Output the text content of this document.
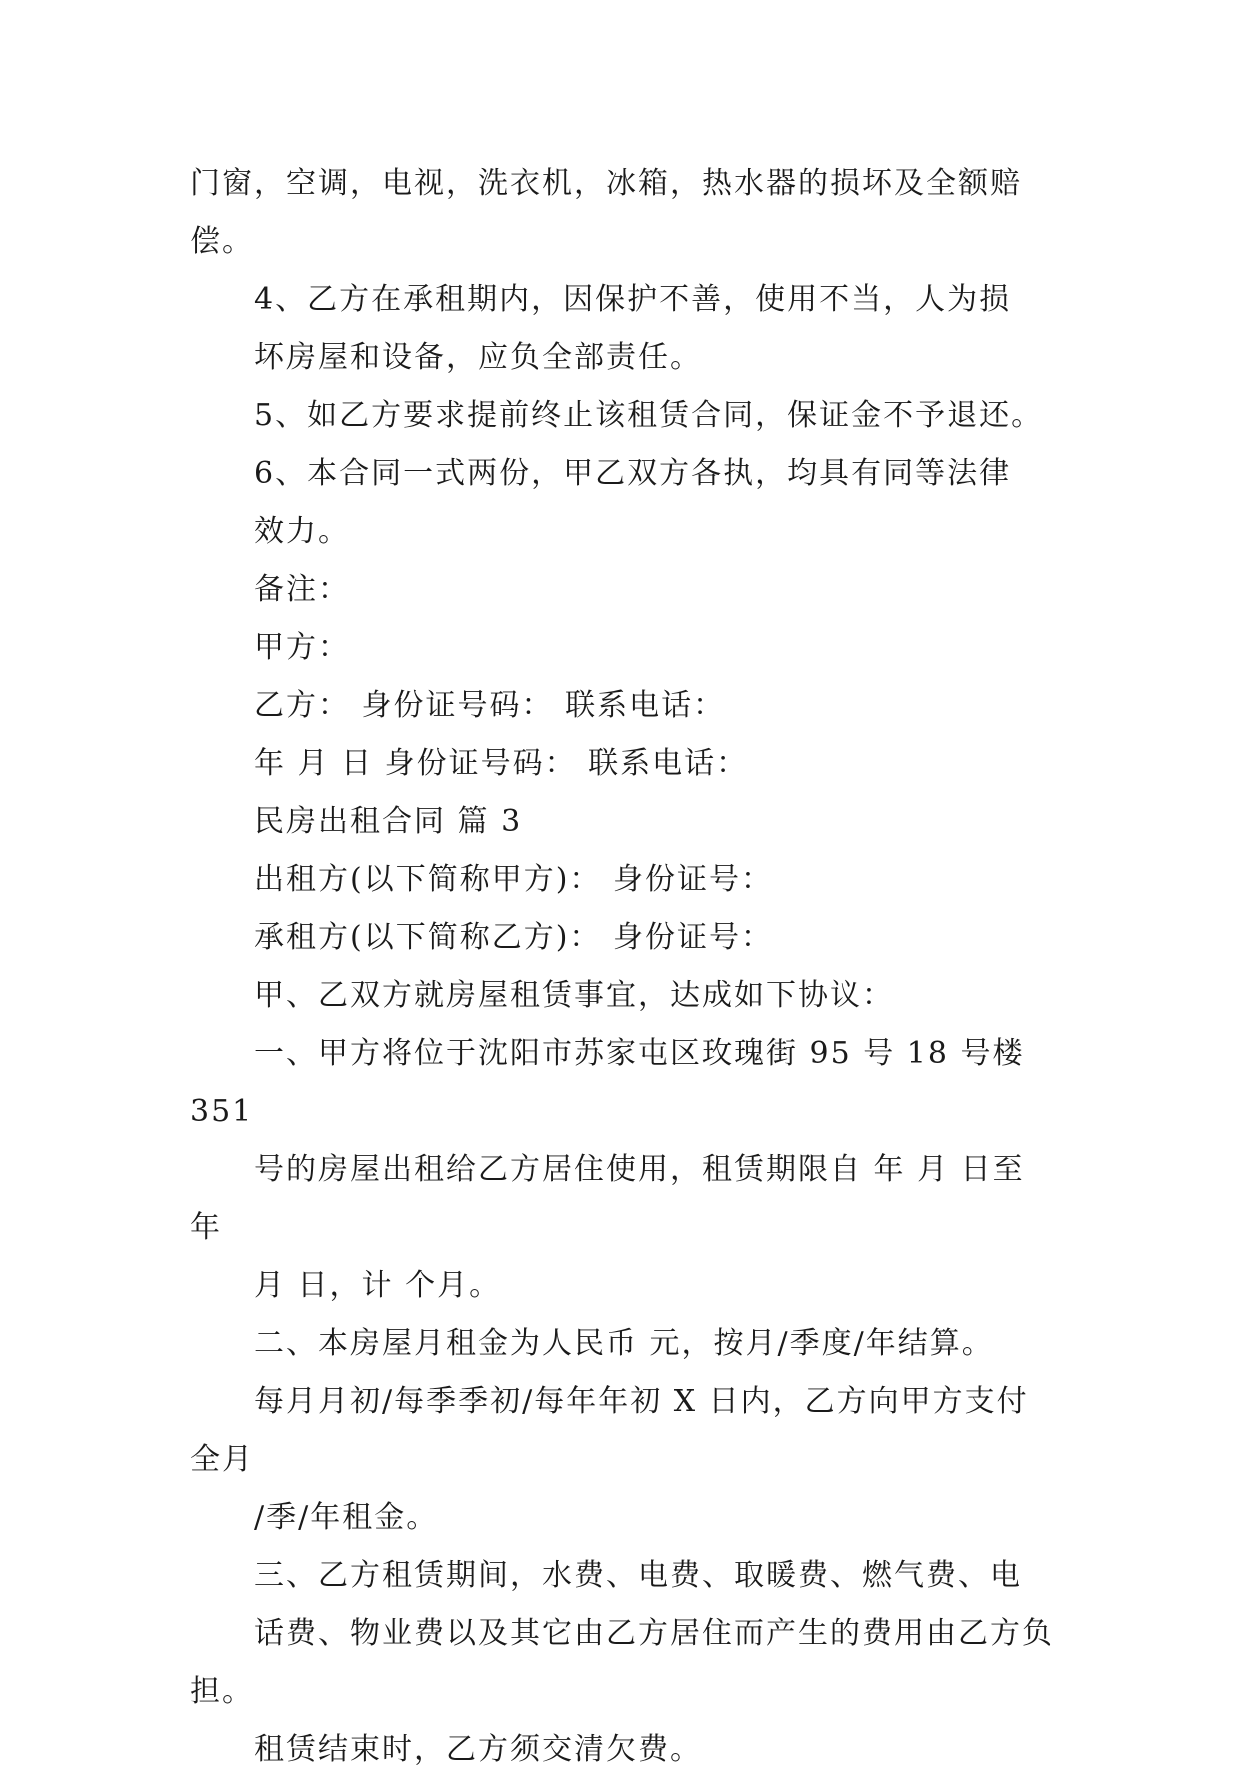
门窗，空调，电视，洗衣机，冰箱，热水器的损坏及全额赔
偿。

4、乙方在承租期内，因保护不善，使用不当，人为损
坏房屋和设备，应负全部责任。

5、如乙方要求提前终止该租赁合同，保证金不予退还。

6、本合同一式两份，甲乙双方各执，均具有同等法律
效力。

备注：

甲方：

乙方： 身份证号码： 联系电话：

年 月 日 身份证号码： 联系电话：

民房出租合同 篇 3

出租方(以下简称甲方)： 身份证号：

承租方(以下简称乙方)： 身份证号：

甲、乙双方就房屋租赁事宜，达成如下协议：

一、甲方将位于沈阳市苏家屯区玫瑰街 95 号 18 号楼 351
号的房屋出租给乙方居住使用，租赁期限自 年 月 日至 年
月 日，计 个月。

二、本房屋月租金为人民币 元，按月/季度/年结算。
每月月初/每季季初/每年年初 X 日内，乙方向甲方支付全月
/季/年租金。

三、乙方租赁期间，水费、电费、取暖费、燃气费、电
话费、物业费以及其它由乙方居住而产生的费用由乙方负担。
租赁结束时，乙方须交清欠费。
